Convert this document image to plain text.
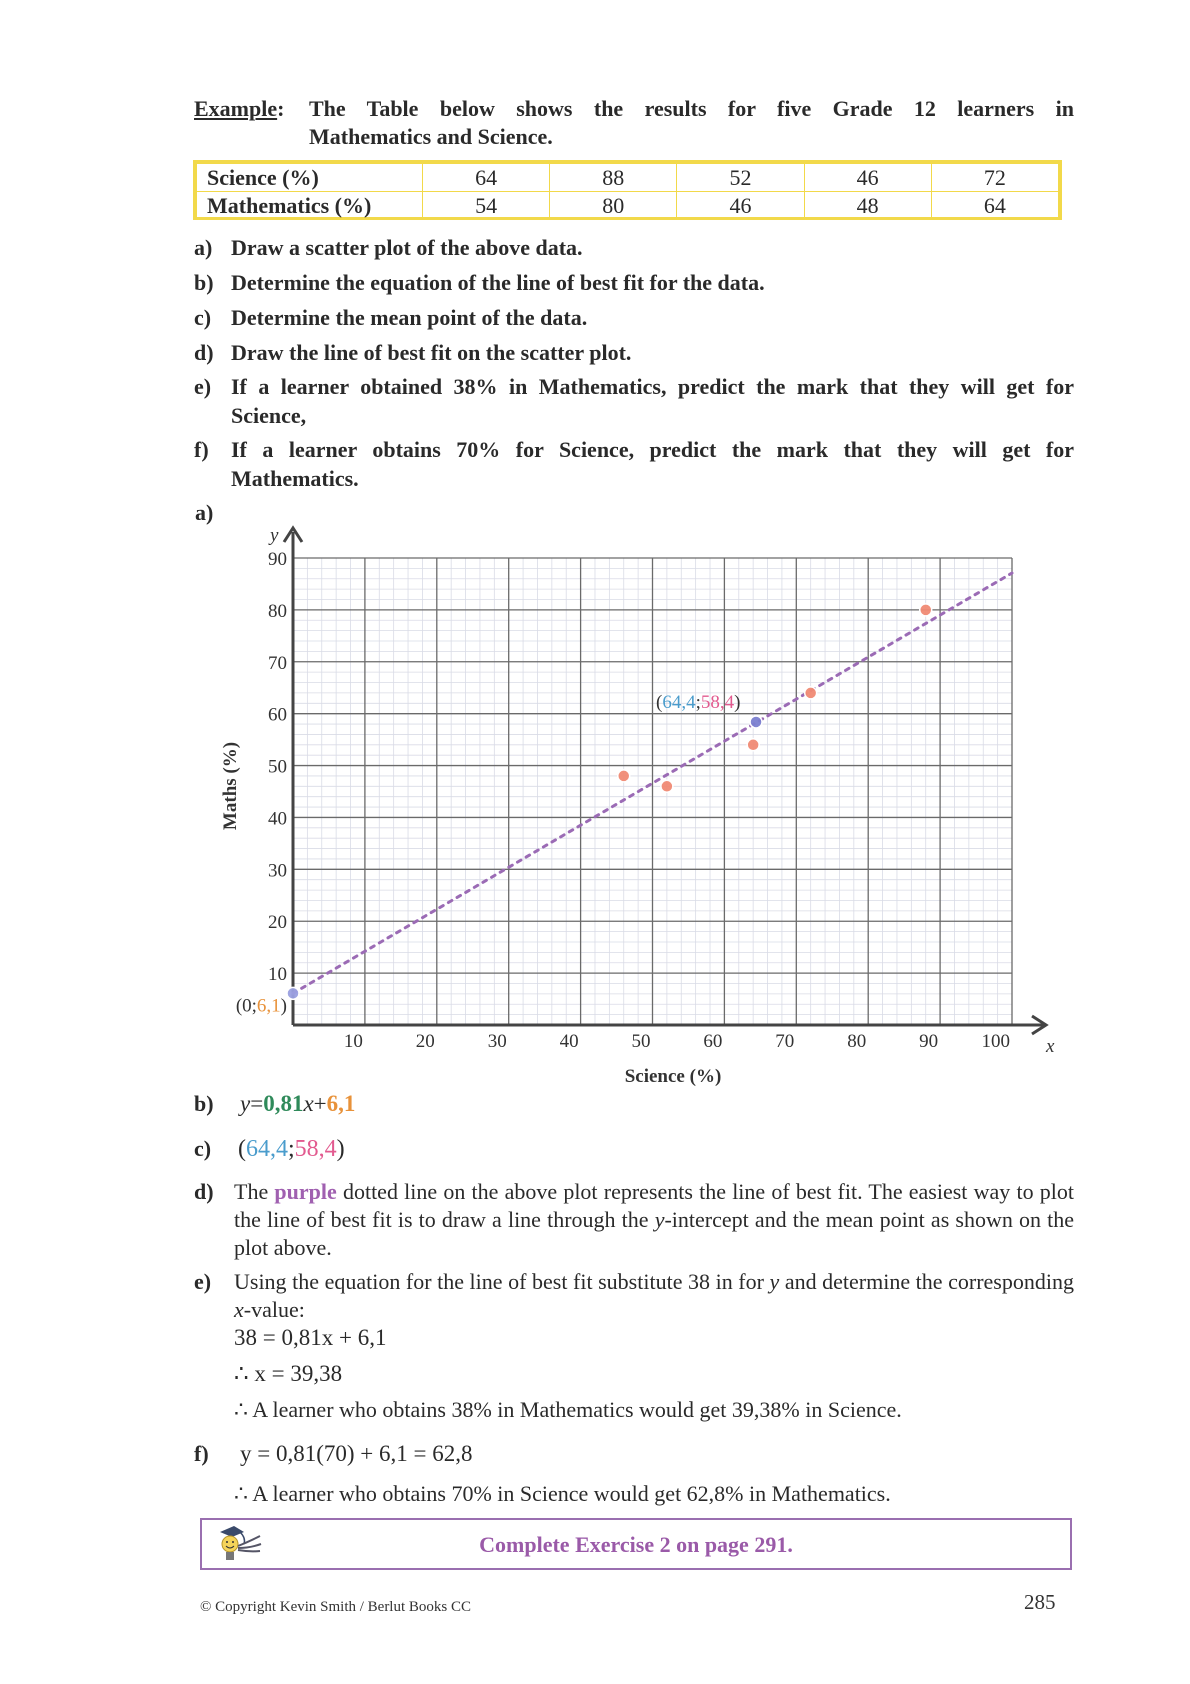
Example: The Table below shows the results for five Grade 12 learners in
Mathematics and Science.
Science (%)	64	88	52	46	72
Mathematics (%)	54	80	46	48	64
a) Draw a scatter plot of the above data.
b) Determine the equation of the line of best fit for the data.
c) Determine the mean point of the data.
d) Draw the line of best fit on the scatter plot.
e) If a learner obtained 38% in Mathematics, predict the mark that they will get for
Science,
f) If a learner obtains 70% for Science, predict the mark that they will get for
Mathematics.
a)
10	20	30	40	50	60	70	80	90 100
10
20
30
40
50
60
70
80
90
(64,4;58,4)
(0;6,1)
Science (%)
Maths (%)
y
x
b) y=0,81x+6,1
c) (64,4;58,4)
d) The purple dotted line on the above plot represents the line of best fit. The easiest way to plot the line of best fit is to draw a line through the y-intercept and the mean point as shown on the plot above.
e) Using the equation for the line of best fit substitute 38 in for y and determine the corresponding x-value:
38 = 0,81x + 6,1
∴ x = 39,38
∴ A learner who obtains 38% in Mathematics would get 39,38% in Science.
f) y = 0,81(70) + 6,1 = 62,8
∴ A learner who obtains 70% in Science would get 62,8% in Mathematics.
Complete Exercise 2 on page 291.
© Copyright Kevin Smith / Berlut Books CC	285
